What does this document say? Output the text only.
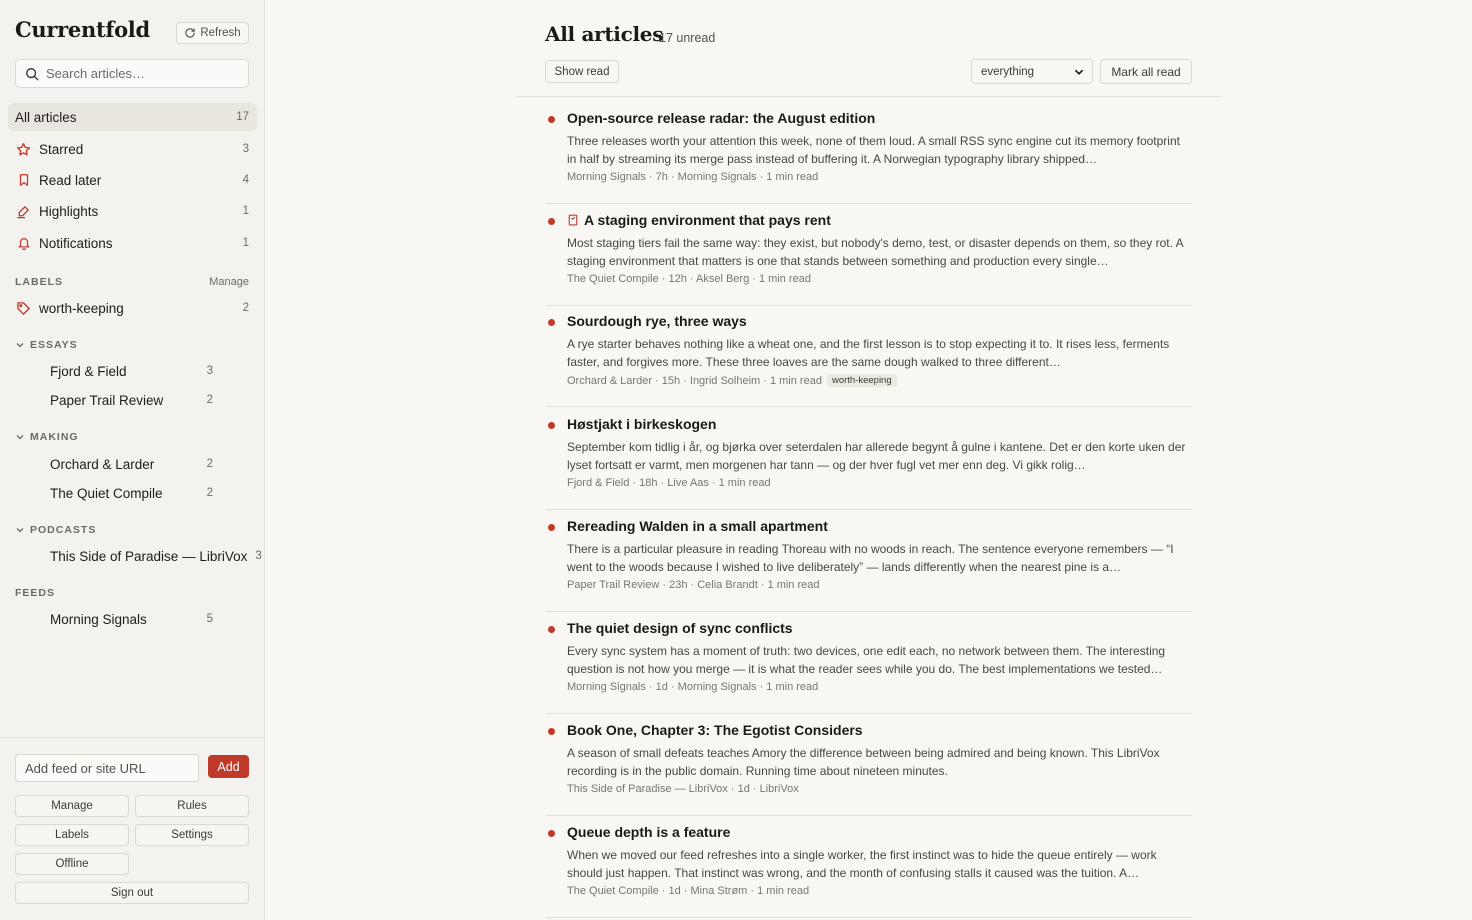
Currentfold	Refresh
Search articles…
All articles	17
Starred	3
Read later	4
Highlights	1
Notifications	1
LABELS	Manage
worth-keeping	2
ESSAYS
Fjord & Field	3
Paper Trail Review	2
MAKING
Orchard & Larder	2
The Quiet Compile	2
PODCASTS
This Side of Paradise — LibriVox 3
FEEDS
Morning Signals	5
Add feed or site URL
Add
Manage	Rules
Labels	Settings
Offline
Sign out
All articles
17 unread
Show read	everything	Mark all read
Open-source release radar: the August edition
Three releases worth your attention this week, none of them loud. A small RSS sync engine cut its memory footprint in half by streaming its merge pass instead of buffering it. A Norwegian typography library shipped…
Morning Signals · 7h · Morning Signals · 1 min read
A staging environment that pays rent
Most staging tiers fail the same way: they exist, but nobody's demo, test, or disaster depends on them, so they rot. A staging environment that matters is one that stands between something and production every single…
The Quiet Compile · 12h · Aksel Berg · 1 min read
Sourdough rye, three ways
A rye starter behaves nothing like a wheat one, and the first lesson is to stop expecting it to. It rises less, ferments faster, and forgives more. These three loaves are the same dough walked to three different…
Orchard & Larder · 15h · Ingrid Solheim · 1 min read	worth-keeping
Høstjakt i birkeskogen
September kom tidlig i år, og bjørka over seterdalen har allerede begynt å gulne i kantene. Det er den korte uken der lyset fortsatt er varmt, men morgenen har tann — og der hver fugl vet mer enn deg. Vi gikk rolig…
Fjord & Field · 18h · Live Aas · 1 min read
Rereading Walden in a small apartment
There is a particular pleasure in reading Thoreau with no woods in reach. The sentence everyone remembers — “I went to the woods because I wished to live deliberately” — lands differently when the nearest pine is a…
Paper Trail Review · 23h · Celia Brandt · 1 min read
The quiet design of sync conflicts
Every sync system has a moment of truth: two devices, one edit each, no network between them. The interesting question is not how you merge — it is what the reader sees while you do. The best implementations we tested…
Morning Signals · 1d · Morning Signals · 1 min read
Book One, Chapter 3: The Egotist Considers
A season of small defeats teaches Amory the difference between being admired and being known. This LibriVox recording is in the public domain. Running time about nineteen minutes.
This Side of Paradise — LibriVox · 1d · LibriVox
Queue depth is a feature
When we moved our feed refreshes into a single worker, the first instinct was to hide the queue entirely — work should just happen. That instinct was wrong, and the month of confusing stalls it caused was the tuition. A…
The Quiet Compile · 1d · Mina Strøm · 1 min read
